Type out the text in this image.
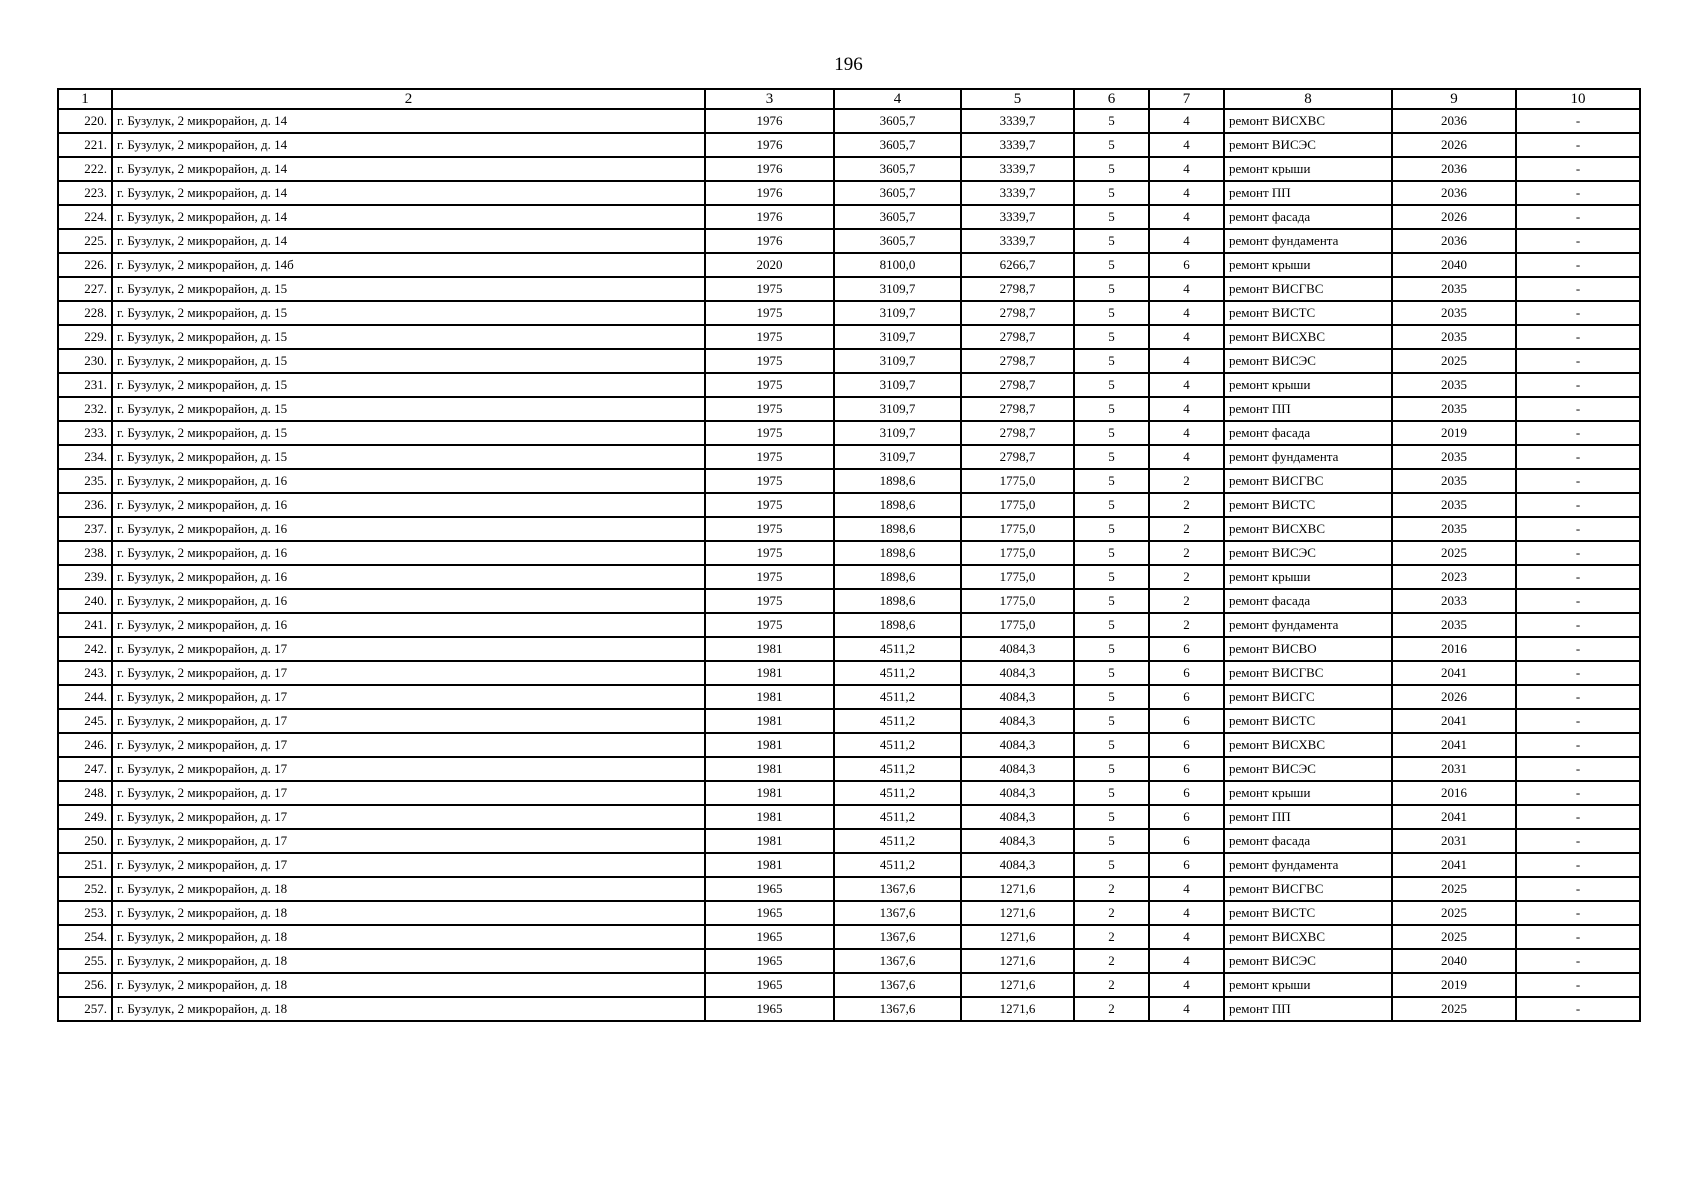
196
1	2	3	4	5	6	7	8	9	10
220.	г. Бузулук, 2 микрорайон, д. 14	1976	3605,7	3339,7	5	4	ремонт ВИСХВС	2036	-
221.	г. Бузулук, 2 микрорайон, д. 14	1976	3605,7	3339,7	5	4	ремонт ВИСЭС	2026	-
222.	г. Бузулук, 2 микрорайон, д. 14	1976	3605,7	3339,7	5	4	ремонт крыши	2036	-
223.	г. Бузулук, 2 микрорайон, д. 14	1976	3605,7	3339,7	5	4	ремонт ПП	2036	-
224.	г. Бузулук, 2 микрорайон, д. 14	1976	3605,7	3339,7	5	4	ремонт фасада	2026	-
225.	г. Бузулук, 2 микрорайон, д. 14	1976	3605,7	3339,7	5	4	ремонт фундамента	2036	-
226.	г. Бузулук, 2 микрорайон, д. 14б	2020	8100,0	6266,7	5	6	ремонт крыши	2040	-
227.	г. Бузулук, 2 микрорайон, д. 15	1975	3109,7	2798,7	5	4	ремонт ВИСГВС	2035	-
228.	г. Бузулук, 2 микрорайон, д. 15	1975	3109,7	2798,7	5	4	ремонт ВИСТС	2035	-
229.	г. Бузулук, 2 микрорайон, д. 15	1975	3109,7	2798,7	5	4	ремонт ВИСХВС	2035	-
230.	г. Бузулук, 2 микрорайон, д. 15	1975	3109,7	2798,7	5	4	ремонт ВИСЭС	2025	-
231.	г. Бузулук, 2 микрорайон, д. 15	1975	3109,7	2798,7	5	4	ремонт крыши	2035	-
232.	г. Бузулук, 2 микрорайон, д. 15	1975	3109,7	2798,7	5	4	ремонт ПП	2035	-
233.	г. Бузулук, 2 микрорайон, д. 15	1975	3109,7	2798,7	5	4	ремонт фасада	2019	-
234.	г. Бузулук, 2 микрорайон, д. 15	1975	3109,7	2798,7	5	4	ремонт фундамента	2035	-
235.	г. Бузулук, 2 микрорайон, д. 16	1975	1898,6	1775,0	5	2	ремонт ВИСГВС	2035	-
236.	г. Бузулук, 2 микрорайон, д. 16	1975	1898,6	1775,0	5	2	ремонт ВИСТС	2035	-
237.	г. Бузулук, 2 микрорайон, д. 16	1975	1898,6	1775,0	5	2	ремонт ВИСХВС	2035	-
238.	г. Бузулук, 2 микрорайон, д. 16	1975	1898,6	1775,0	5	2	ремонт ВИСЭС	2025	-
239.	г. Бузулук, 2 микрорайон, д. 16	1975	1898,6	1775,0	5	2	ремонт крыши	2023	-
240.	г. Бузулук, 2 микрорайон, д. 16	1975	1898,6	1775,0	5	2	ремонт фасада	2033	-
241.	г. Бузулук, 2 микрорайон, д. 16	1975	1898,6	1775,0	5	2	ремонт фундамента	2035	-
242.	г. Бузулук, 2 микрорайон, д. 17	1981	4511,2	4084,3	5	6	ремонт ВИСВО	2016	-
243.	г. Бузулук, 2 микрорайон, д. 17	1981	4511,2	4084,3	5	6	ремонт ВИСГВС	2041	-
244.	г. Бузулук, 2 микрорайон, д. 17	1981	4511,2	4084,3	5	6	ремонт ВИСГС	2026	-
245.	г. Бузулук, 2 микрорайон, д. 17	1981	4511,2	4084,3	5	6	ремонт ВИСТС	2041	-
246.	г. Бузулук, 2 микрорайон, д. 17	1981	4511,2	4084,3	5	6	ремонт ВИСХВС	2041	-
247.	г. Бузулук, 2 микрорайон, д. 17	1981	4511,2	4084,3	5	6	ремонт ВИСЭС	2031	-
248.	г. Бузулук, 2 микрорайон, д. 17	1981	4511,2	4084,3	5	6	ремонт крыши	2016	-
249.	г. Бузулук, 2 микрорайон, д. 17	1981	4511,2	4084,3	5	6	ремонт ПП	2041	-
250.	г. Бузулук, 2 микрорайон, д. 17	1981	4511,2	4084,3	5	6	ремонт фасада	2031	-
251.	г. Бузулук, 2 микрорайон, д. 17	1981	4511,2	4084,3	5	6	ремонт фундамента	2041	-
252.	г. Бузулук, 2 микрорайон, д. 18	1965	1367,6	1271,6	2	4	ремонт ВИСГВС	2025	-
253.	г. Бузулук, 2 микрорайон, д. 18	1965	1367,6	1271,6	2	4	ремонт ВИСТС	2025	-
254.	г. Бузулук, 2 микрорайон, д. 18	1965	1367,6	1271,6	2	4	ремонт ВИСХВС	2025	-
255.	г. Бузулук, 2 микрорайон, д. 18	1965	1367,6	1271,6	2	4	ремонт ВИСЭС	2040	-
256.	г. Бузулук, 2 микрорайон, д. 18	1965	1367,6	1271,6	2	4	ремонт крыши	2019	-
257.	г. Бузулук, 2 микрорайон, д. 18	1965	1367,6	1271,6	2	4	ремонт ПП	2025	-
